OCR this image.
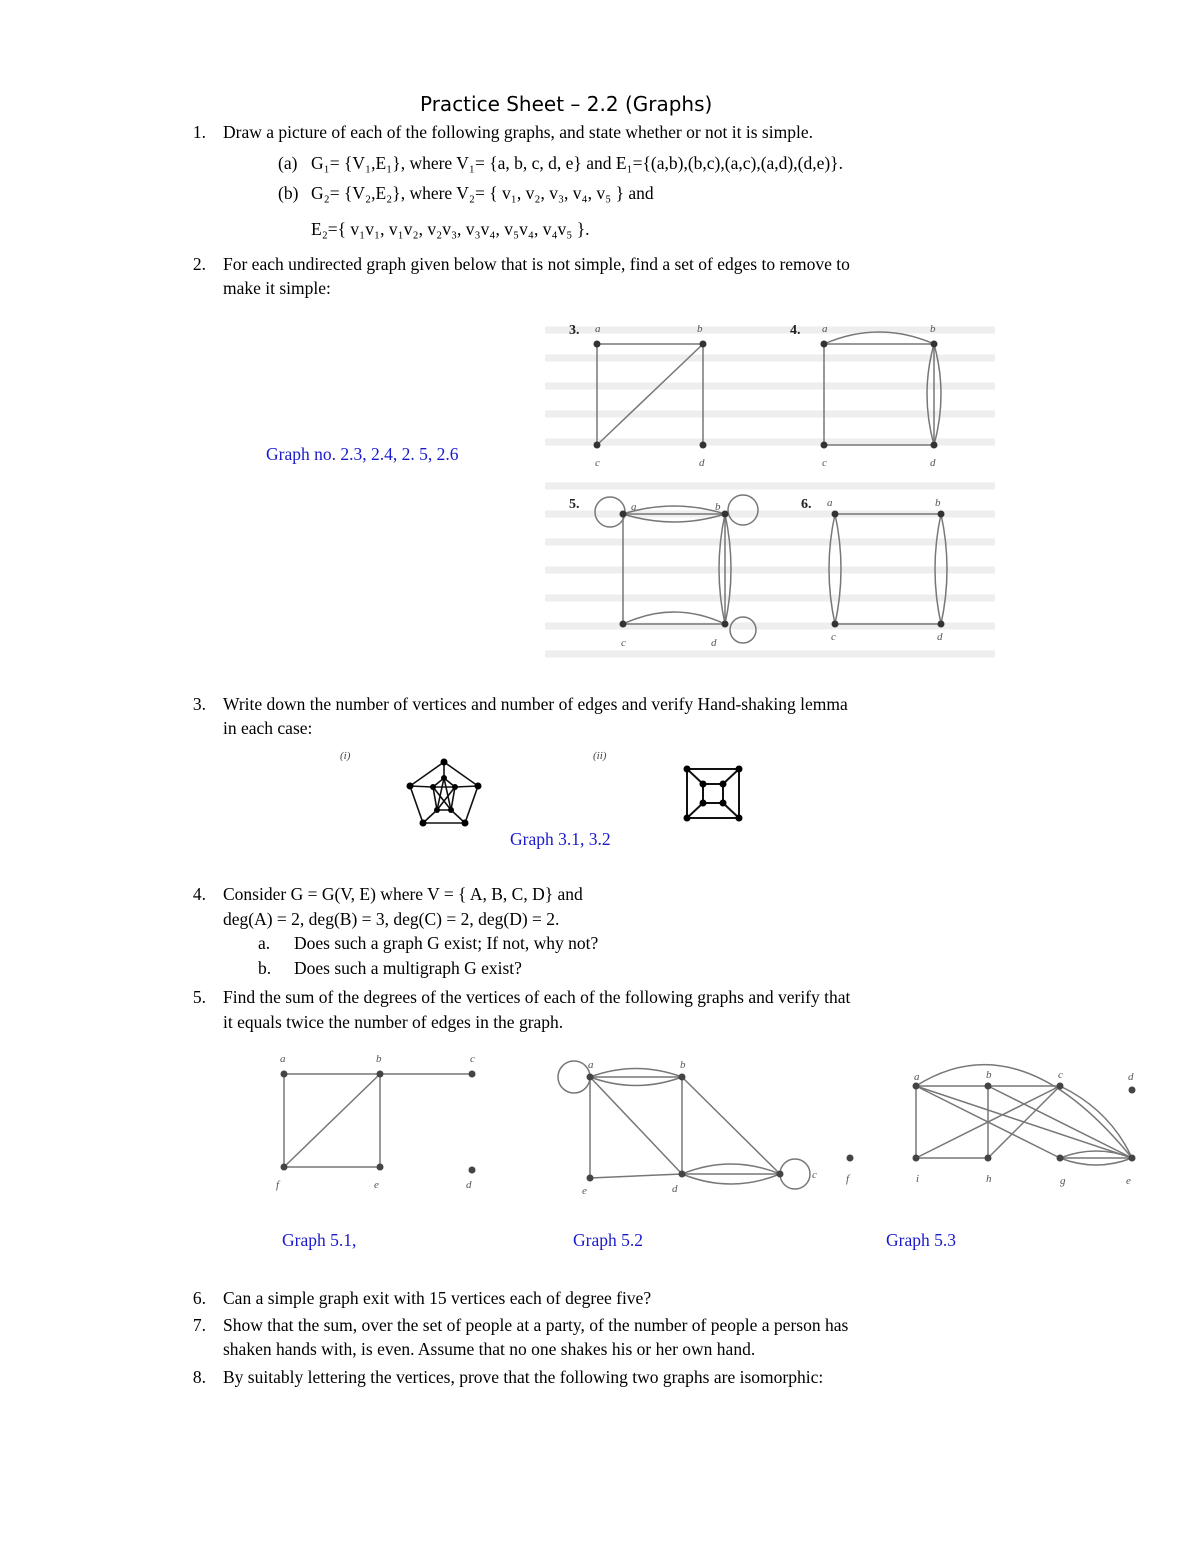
Practice Sheet – 2.2 (Graphs)
1. Draw a picture of each of the following graphs, and state whether or not it is simple.
(a) G₁= {V₁,E₁}, where V₁= {a, b, c, d, e} and E₁={(a,b),(b,c),(a,c),(a,d),(d,e)}.
(b) G₂= {V₂,E₂}, where V₂= { v₁, v₂, v₃, v₄, v₅ } and
E₂={ v₁v₁, v₁v₂, v₂v₃, v₃v₄, v₅v₄, v₄v₅ }.
2. For each undirected graph given below that is not simple, find a set of edges to remove to
make it simple:
Graph no. 2.3, 2.4, 2. 5, 2.6
3. a	b
c	d
4. a	b
c	d
5.	a	b
c	d
6. a	b
c	d
3. Write down the number of vertices and number of edges and verify Hand-shaking lemma
in each case:
(i)	(ii)
Graph 3.1, 3.2
4. Consider G = G(V, E) where V = { A, B, C, D} and
deg(A) = 2, deg(B) = 3, deg(C) = 2, deg(D) = 2.
a. Does such a graph G exist; If not, why not?
b. Does such a multigraph G exist?
5. Find the sum of the degrees of the vertices of each of the following graphs and verify that
it equals twice the number of edges in the graph.
a	b	c
f	e	d
a	b
e	d
c	f
a	b	c	d
i	h	g	e
Graph 5.1,	Graph 5.2	Graph 5.3
6. Can a simple graph exit with 15 vertices each of degree five?
7. Show that the sum, over the set of people at a party, of the number of people a person has
shaken hands with, is even. Assume that no one shakes his or her own hand.
8. By suitably lettering the vertices, prove that the following two graphs are isomorphic:
